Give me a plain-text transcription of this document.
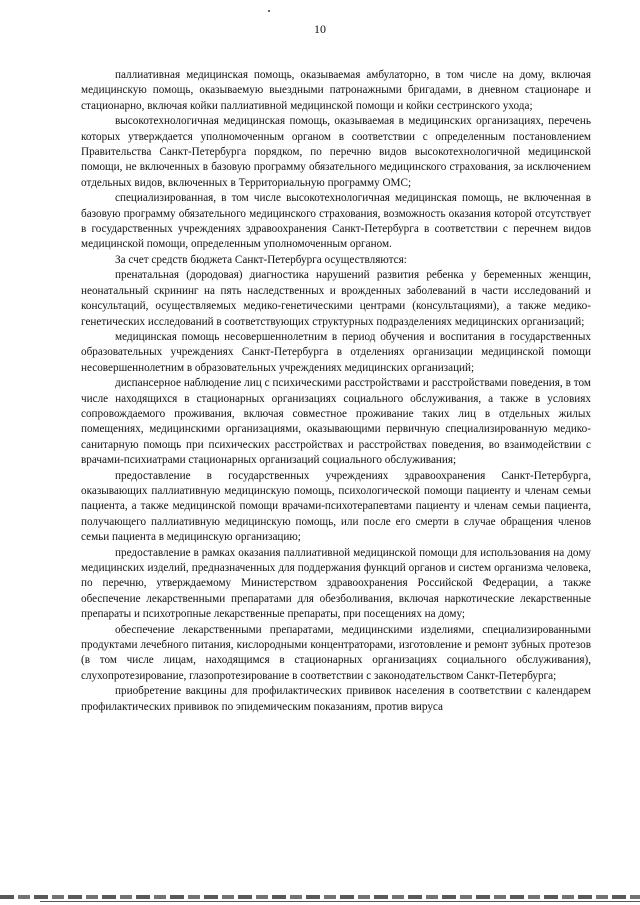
10

паллиативная медицинская помощь, оказываемая амбулаторно, в том числе на дому, включая медицинскую помощь, оказываемую выездными патронажными бригадами, в дневном стационаре и стационарно, включая койки паллиативной медицинской помощи и койки сестринского ухода;

высокотехнологичная медицинская помощь, оказываемая в медицинских организациях, перечень которых утверждается уполномоченным органом в соответствии с определенным постановлением Правительства Санкт-Петербурга порядком, по перечню видов высокотехнологичной медицинской помощи, не включенных в базовую программу обязательного медицинского страхования, за исключением отдельных видов, включенных в Территориальную программу ОМС;

специализированная, в том числе высокотехнологичная медицинская помощь, не включенная в базовую программу обязательного медицинского страхования, возможность оказания которой отсутствует в государственных учреждениях здравоохранения Санкт-Петербурга в соответствии с перечнем видов медицинской помощи, определенным уполномоченным органом.

За счет средств бюджета Санкт-Петербурга осуществляются:

пренатальная (дородовая) диагностика нарушений развития ребенка у беременных женщин, неонатальный скрининг на пять наследственных и врожденных заболеваний в части исследований и консультаций, осуществляемых медико-генетическими центрами (консультациями), а также медико-генетических исследований в соответствующих структурных подразделениях медицинских организаций;

медицинская помощь несовершеннолетним в период обучения и воспитания в государственных образовательных учреждениях Санкт-Петербурга в отделениях организации медицинской помощи несовершеннолетним в образовательных учреждениях медицинских организаций;

диспансерное наблюдение лиц с психическими расстройствами и расстройствами поведения, в том числе находящихся в стационарных организациях социального обслуживания, а также в условиях сопровождаемого проживания, включая совместное проживание таких лиц в отдельных жилых помещениях, медицинскими организациями, оказывающими первичную специализированную медико-санитарную помощь при психических расстройствах и расстройствах поведения, во взаимодействии с врачами-психиатрами стационарных организаций социального обслуживания;

предоставление в государственных учреждениях здравоохранения Санкт-Петербурга, оказывающих паллиативную медицинскую помощь, психологической помощи пациенту и членам семьи пациента, а также медицинской помощи врачами-психотерапевтами пациенту и членам семьи пациента, получающего паллиативную медицинскую помощь, или после его смерти в случае обращения членов семьи пациента в медицинскую организацию;

предоставление в рамках оказания паллиативной медицинской помощи для использования на дому медицинских изделий, предназначенных для поддержания функций органов и систем организма человека, по перечню, утверждаемому Министерством здравоохранения Российской Федерации, а также обеспечение лекарственными препаратами для обезболивания, включая наркотические лекарственные препараты и психотропные лекарственные препараты, при посещениях на дому;

обеспечение лекарственными препаратами, медицинскими изделиями, специализированными продуктами лечебного питания, кислородными концентраторами, изготовление и ремонт зубных протезов (в том числе лицам, находящимся в стационарных организациях социального обслуживания), слухопротезирование, глазопротезирование в соответствии с законодательством Санкт-Петербурга;

приобретение вакцины для профилактических прививок населения в соответствии с календарем профилактических прививок по эпидемическим показаниям, против вируса
